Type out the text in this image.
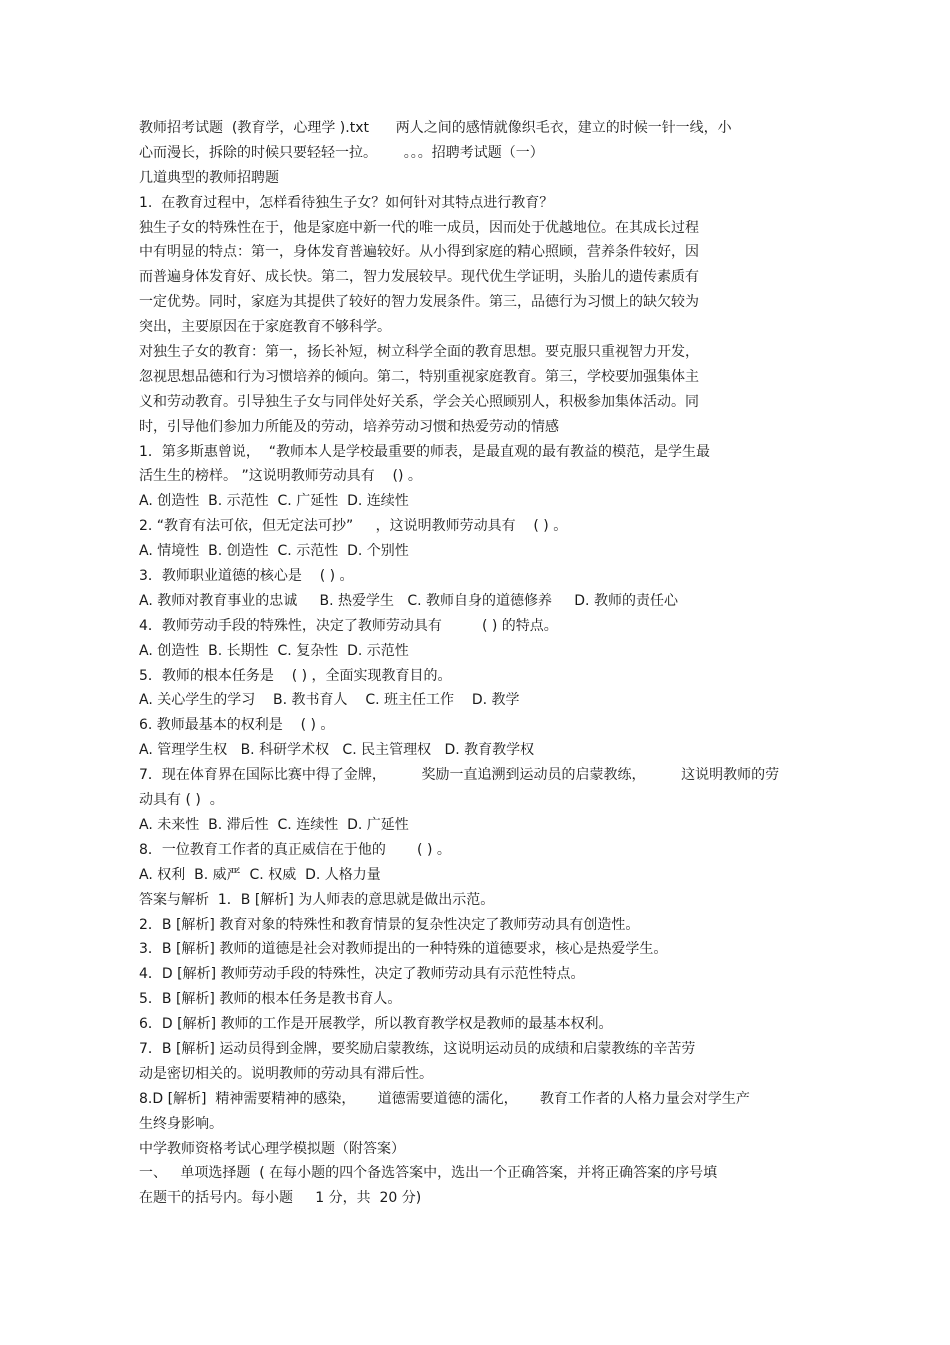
教师招考试题  (教育学，心理学 ).txt      两人之间的感情就像织毛衣，建立的时候一针一线，小
心而漫长，拆除的时候只要轻轻一拉。      。。。招聘考试题（一）
几道典型的教师招聘题
1.  在教育过程中，怎样看待独生子女？如何针对其特点进行教育？
独生子女的特殊性在于，他是家庭中新一代的唯一成员，因而处于优越地位。在其成长过程
中有明显的特点：第一，身体发育普遍较好。从小得到家庭的精心照顾，营养条件较好，因
而普遍身体发育好、成长快。第二，智力发展较早。现代优生学证明，头胎儿的遗传素质有
一定优势。同时，家庭为其提供了较好的智力发展条件。第三，品德行为习惯上的缺欠较为
突出，主要原因在于家庭教育不够科学。
对独生子女的教育：第一，扬长补短，树立科学全面的教育思想。要克服只重视智力开发，
忽视思想品德和行为习惯培养的倾向。第二，特别重视家庭教育。第三，学校要加强集体主
义和劳动教育。引导独生子女与同伴处好关系，学会关心照顾别人，积极参加集体活动。同
时，引导他们参加力所能及的劳动，培养劳动习惯和热爱劳动的情感
1．第多斯惠曾说，  “教师本人是学校最重要的师表，是最直观的最有教益的模范，是学生最
活生生的榜样。 ”这说明教师劳动具有    () 。
A. 创造性  B. 示范性  C. 广延性  D. 连续性
2. “教育有法可依，但无定法可抄”     ，这说明教师劳动具有    ( ) 。
A. 情境性  B. 创造性  C. 示范性  D. 个别性
3．教师职业道德的核心是    ( ) 。
A. 教师对教育事业的忠诚     B. 热爱学生   C. 教师自身的道德修养     D. 教师的责任心
4．教师劳动手段的特殊性，决定了教师劳动具有         ( ) 的特点。
A. 创造性  B. 长期性  C. 复杂性  D. 示范性
5．教师的根本任务是    ( ) ，全面实现教育目的。
A. 关心学生的学习    B. 教书育人    C. 班主任工作    D. 教学
6. 教师最基本的权利是    ( ) 。
A. 管理学生权   B. 科研学术权   C. 民主管理权   D. 教育教学权
7．现在体育界在国际比赛中得了金牌，        奖励一直追溯到运动员的启蒙教练，        这说明教师的劳
动具有 ( )  。
A. 未来性  B. 滞后性  C. 连续性  D. 广延性
8．一位教育工作者的真正威信在于他的       ( ) 。
A. 权利  B. 威严  C. 权威  D. 人格力量
答案与解析  1．B [解析] 为人师表的意思就是做出示范。
2．B [解析] 教育对象的特殊性和教育情景的复杂性决定了教师劳动具有创造性。
3．B [解析] 教师的道德是社会对教师提出的一种特殊的道德要求，核心是热爱学生。
4．D [解析] 教师劳动手段的特殊性，决定了教师劳动具有示范性特点。
5．B [解析] 教师的根本任务是教书育人。
6．D [解析] 教师的工作是开展教学，所以教育教学权是教师的最基本权利。
7．B [解析] 运动员得到金牌，要奖励启蒙教练，这说明运动员的成绩和启蒙教练的辛苦劳
动是密切相关的。说明教师的劳动具有滞后性。
8.D [解析]  精神需要精神的感染，     道德需要道德的濡化，     教育工作者的人格力量会对学生产
生终身影响。
中学教师资格考试心理学模拟题（附答案）
一、   单项选择题  ( 在每小题的四个备选答案中，选出一个正确答案，并将正确答案的序号填
在题干的括号内。每小题     1 分，共  20 分)
